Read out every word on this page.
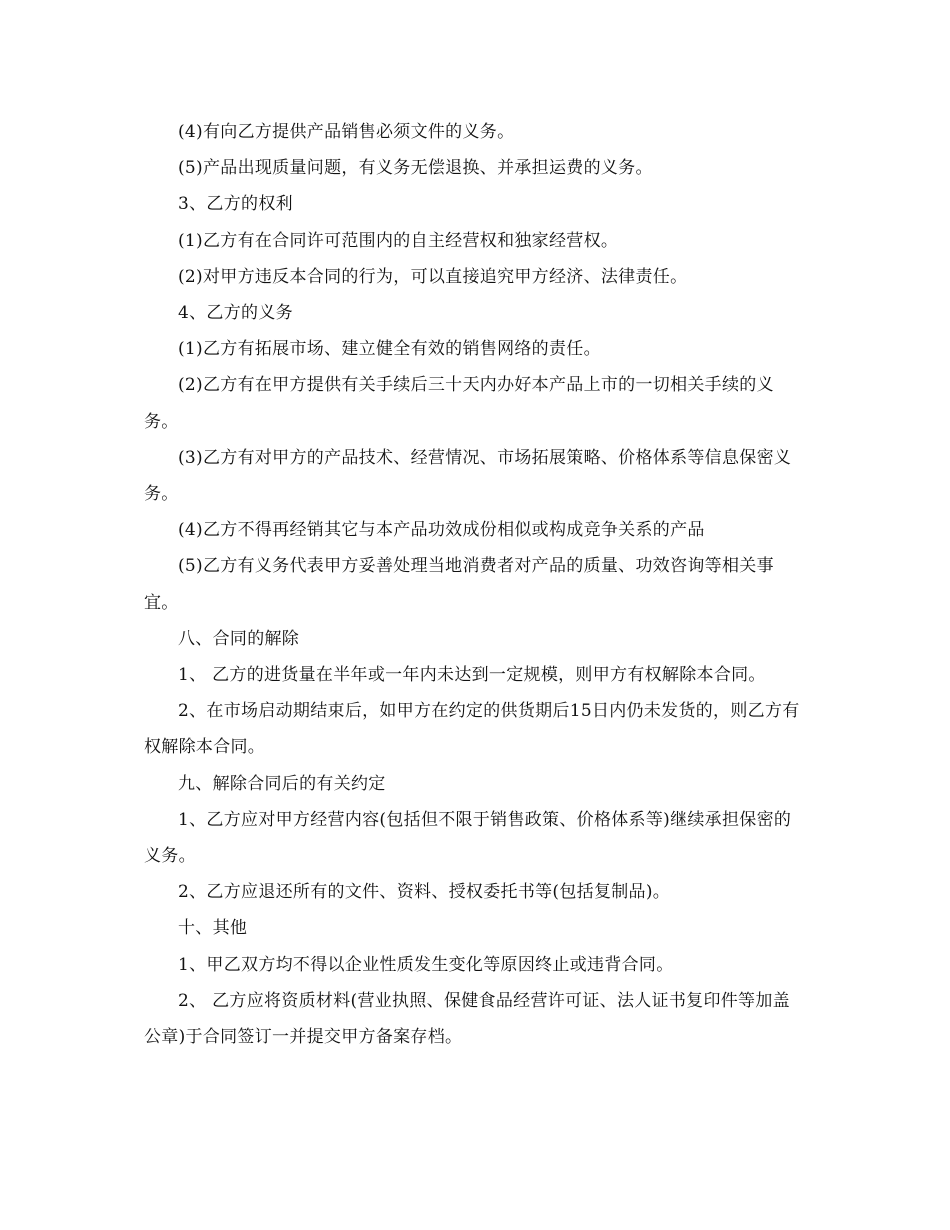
(4)有向乙方提供产品销售必须文件的义务。

(5)产品出现质量问题，有义务无偿退换、并承担运费的义务。

3、乙方的权利

(1)乙方有在合同许可范围内的自主经营权和独家经营权。

(2)对甲方违反本合同的行为，可以直接追究甲方经济、法律责任。

4、乙方的义务

(1)乙方有拓展市场、建立健全有效的销售网络的责任。

(2)乙方有在甲方提供有关手续后三十天内办好本产品上市的一切相关手续的义务。

(3)乙方有对甲方的产品技术、经营情况、市场拓展策略、价格体系等信息保密义务。

(4)乙方不得再经销其它与本产品功效成份相似或构成竞争关系的产品

(5)乙方有义务代表甲方妥善处理当地消费者对产品的质量、功效咨询等相关事宜。

八、合同的解除

1、 乙方的进货量在半年或一年内未达到一定规模，则甲方有权解除本合同。

2、在市场启动期结束后，如甲方在约定的供货期后15日内仍未发货的，则乙方有权解除本合同。

九、解除合同后的有关约定

1、乙方应对甲方经营内容(包括但不限于销售政策、价格体系等)继续承担保密的义务。

2、乙方应退还所有的文件、资料、授权委托书等(包括复制品)。

十、其他

1、甲乙双方均不得以企业性质发生变化等原因终止或违背合同。

2、 乙方应将资质材料(营业执照、保健食品经营许可证、法人证书复印件等加盖公章)于合同签订一并提交甲方备案存档。
